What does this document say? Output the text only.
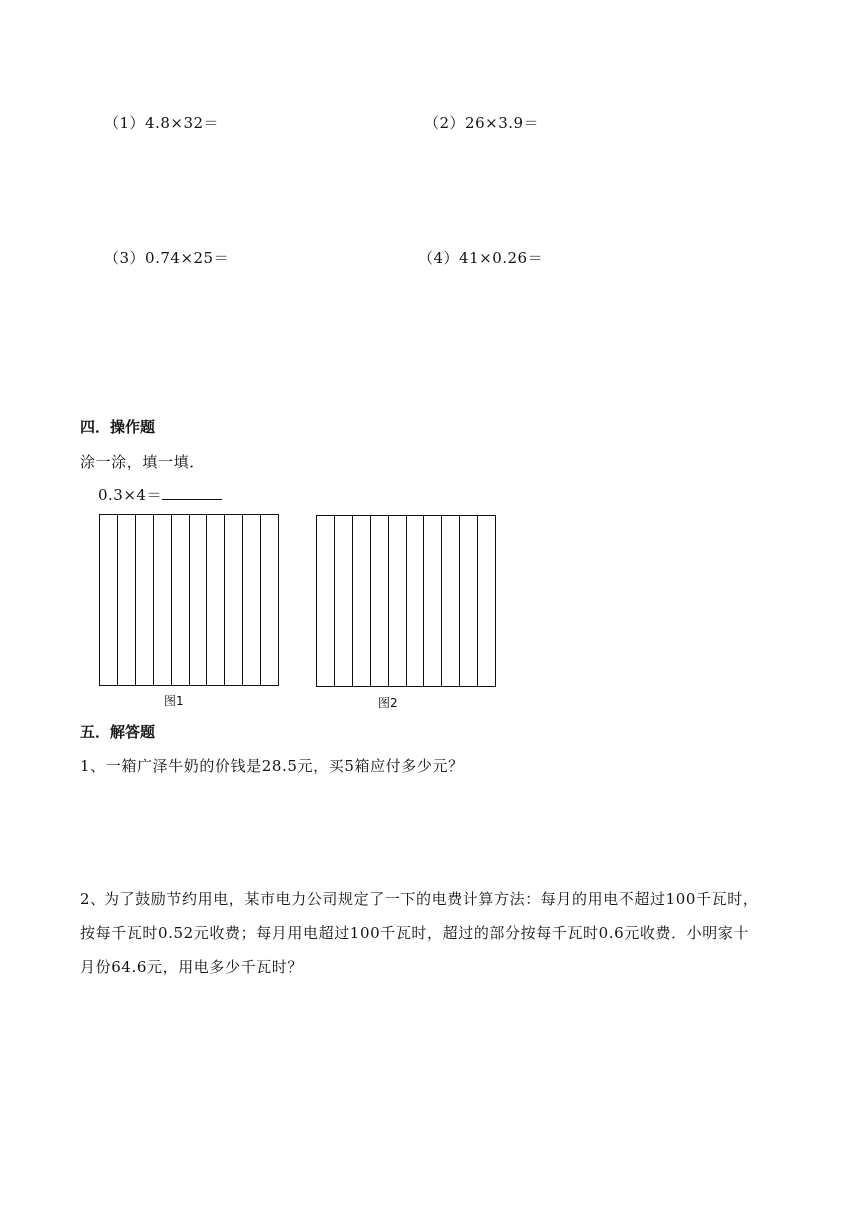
（1）4.8×32＝	（2）26×3.9＝
（3）0.74×25＝	（4）41×0.26＝
四．操作题
涂一涂，填一填．
0.3×4＝
图1	图2
五．解答题
1、一箱广泽牛奶的价钱是28.5元，买5箱应付多少元？
2、
为了鼓励节约用电，某市电力公司规定了一下的电费计算方法：每月的用电不超过100千瓦时，按每千瓦时0.52元收费；每月用电超过100千瓦时，超过的部分按每千瓦时0.6元收费．小明家十月份64.6元，用电多少千瓦时？
